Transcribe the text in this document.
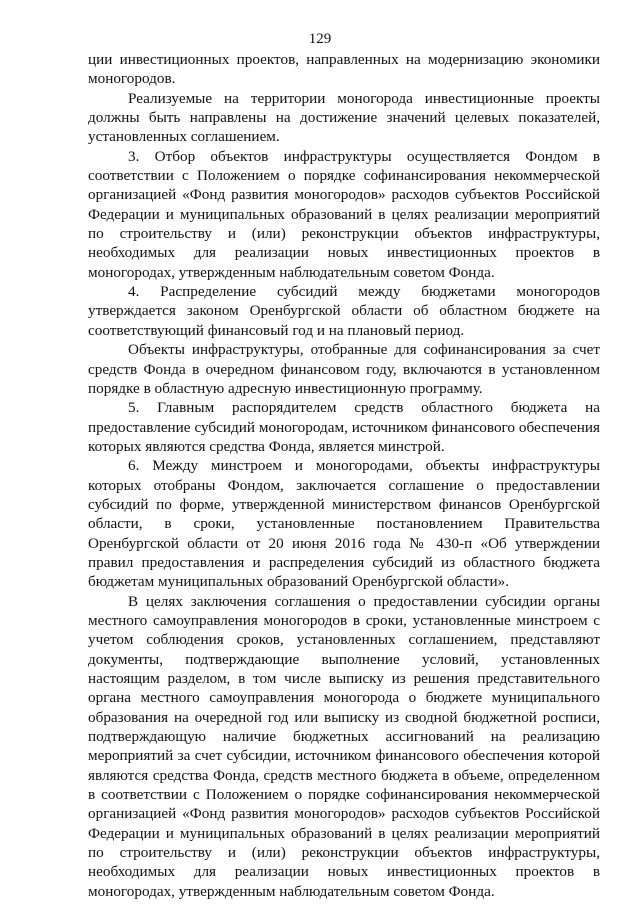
129

ции инвестиционных проектов, направленных на модернизацию экономики моногородов.

Реализуемые на территории моногорода инвестиционные проекты должны быть направлены на достижение значений целевых показателей, установленных соглашением.

3. Отбор объектов инфраструктуры осуществляется Фондом в соответствии с Положением о порядке софинансирования некоммерческой организацией «Фонд развития моногородов» расходов субъектов Российской Федерации и муниципальных образований в целях реализации мероприятий по строительству и (или) реконструкции объектов инфраструктуры, необходимых для реализации новых инвестиционных проектов в моногородах, утвержденным наблюдательным советом Фонда.

4. Распределение субсидий между бюджетами моногородов утверждается законом Оренбургской области об областном бюджете на соответствующий финансовый год и на плановый период.

Объекты инфраструктуры, отобранные для софинансирования за счет средств Фонда в очередном финансовом году, включаются в установленном порядке в областную адресную инвестиционную программу.

5. Главным распорядителем средств областного бюджета на предоставление субсидий моногородам, источником финансового обеспечения которых являются средства Фонда, является минстрой.

6. Между минстроем и моногородами, объекты инфраструктуры которых отобраны Фондом, заключается соглашение о предоставлении субсидий по форме, утвержденной министерством финансов Оренбургской области, в сроки, установленные постановлением Правительства Оренбургской области от 20 июня 2016 года № 430-п «Об утверждении правил предоставления и распределения субсидий из областного бюджета бюджетам муниципальных образований Оренбургской области».

В целях заключения соглашения о предоставлении субсидии органы местного самоуправления моногородов в сроки, установленные минстроем с учетом соблюдения сроков, установленных соглашением, представляют документы, подтверждающие выполнение условий, установленных настоящим разделом, в том числе выписку из решения представительного органа местного самоуправления моногорода о бюджете муниципального образования на очередной год или выписку из сводной бюджетной росписи, подтверждающую наличие бюджетных ассигнований на реализацию мероприятий за счет субсидии, источником финансового обеспечения которой являются средства Фонда, средств местного бюджета в объеме, определенном в соответствии с Положением о порядке софинансирования некоммерческой организацией «Фонд развития моногородов» расходов субъектов Российской Федерации и муниципальных образований в целях реализации мероприятий по строительству и (или) реконструкции объектов инфраструктуры, необходимых для реализации новых инвестиционных проектов в моногородах, утвержденным наблюдательным советом Фонда.
